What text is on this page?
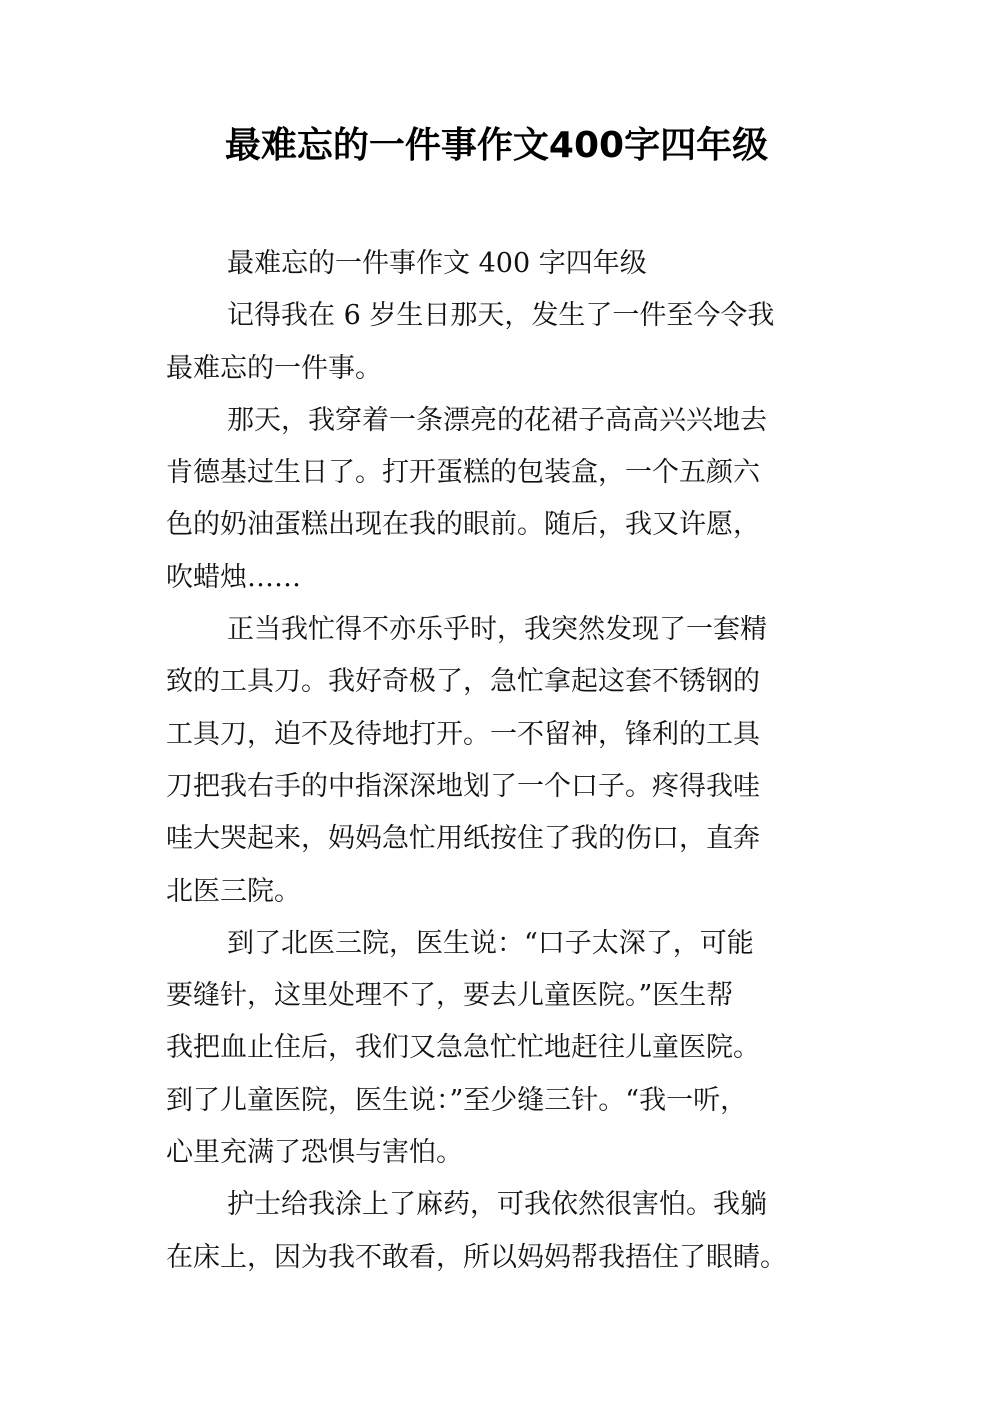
最难忘的一件事作文400字四年级

最难忘的一件事作文 400 字四年级

记得我在 6 岁生日那天，发生了一件至今令我

最难忘的一件事。

那天，我穿着一条漂亮的花裙子高高兴兴地去

肯德基过生日了。打开蛋糕的包装盒，一个五颜六

色的奶油蛋糕出现在我的眼前。随后，我又许愿，

吹蜡烛……

正当我忙得不亦乐乎时，我突然发现了一套精

致的工具刀。我好奇极了，急忙拿起这套不锈钢的

工具刀，迫不及待地打开。一不留神，锋利的工具

刀把我右手的中指深深地划了一个口子。疼得我哇

哇大哭起来，妈妈急忙用纸按住了我的伤口，直奔

北医三院。

到了北医三院，医生说：“口子太深了，可能

要缝针，这里处理不了，要去儿童医院。”医生帮

我把血止住后，我们又急急忙忙地赶往儿童医院。

到了儿童医院，医生说：”至少缝三针。“我一听，

心里充满了恐惧与害怕。

护士给我涂上了麻药，可我依然很害怕。我躺

在床上，因为我不敢看，所以妈妈帮我捂住了眼睛。
